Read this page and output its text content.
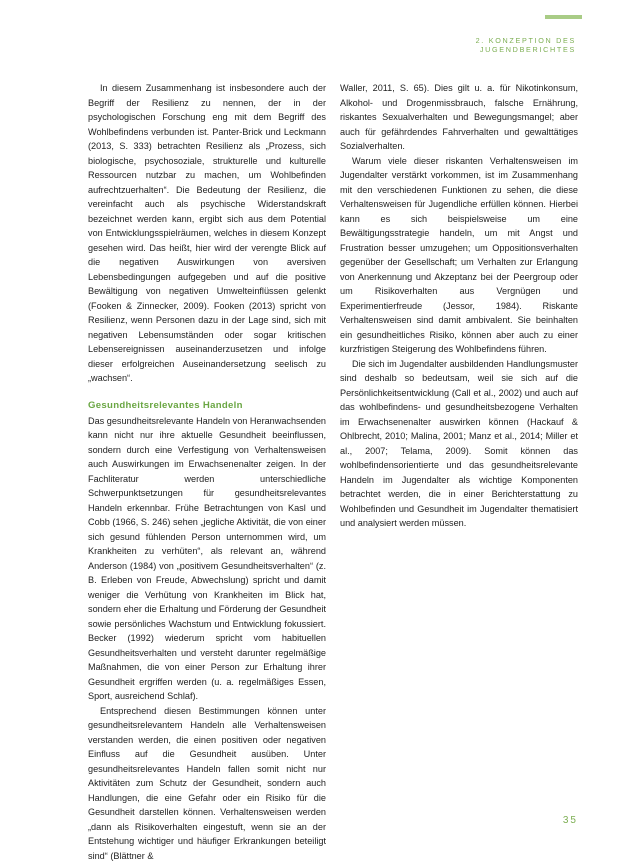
2. KONZEPTION DES JUGENDBERICHTES

In diesem Zusammenhang ist insbesondere auch der Begriff der Resilienz zu nennen, der in der psychologischen Forschung eng mit dem Begriff des Wohlbefindens verbunden ist. Panter-Brick und Leckmann (2013, S. 333) betrachten Resilienz als „Prozess, sich biologische, psychosoziale, strukturelle und kulturelle Ressourcen nutzbar zu machen, um Wohlbefinden aufrechtzuerhalten“. Die Bedeutung der Resilienz, die vereinfacht auch als psychische Widerstandskraft bezeichnet werden kann, ergibt sich aus dem Potential von Entwicklungsspielräumen, welches in diesem Konzept gesehen wird. Das heißt, hier wird der verengte Blick auf die negativen Auswirkungen von aversiven Lebensbedingungen aufgegeben und auf die positive Bewältigung von negativen Umwelteinflüssen gelenkt (Fooken & Zinnecker, 2009). Fooken (2013) spricht von Resilienz, wenn Personen dazu in der Lage sind, sich mit negativen Lebensumständen oder sogar kritischen Lebensereignissen auseinanderzusetzen und infolge dieser erfolgreichen Auseinandersetzung seelisch zu „wachsen“.

Gesundheitsrelevantes Handeln

Das gesundheitsrelevante Handeln von Heranwachsenden kann nicht nur ihre aktuelle Gesundheit beeinflussen, sondern durch eine Verfestigung von Verhaltensweisen auch Auswirkungen im Erwachsenenalter zeigen. In der Fachliteratur werden unterschiedliche Schwerpunktsetzungen für gesundheitsrelevantes Handeln erkennbar. Frühe Betrachtungen von Kasl und Cobb (1966, S. 246) sehen „jegliche Aktivität, die von einer sich gesund fühlenden Person unternommen wird, um Krankheiten zu verhüten“, als relevant an, während Anderson (1984) von „positivem Gesundheitsverhalten“ (z. B. Erleben von Freude, Abwechslung) spricht und damit weniger die Verhütung von Krankheiten im Blick hat, sondern eher die Erhaltung und Förderung der Gesundheit sowie persönliches Wachstum und Entwicklung fokussiert. Becker (1992) wiederum spricht vom habituellen Gesundheitsverhalten und versteht darunter regelmäßige Maßnahmen, die von einer Person zur Erhaltung ihrer Gesundheit ergriffen werden (u. a. regelmäßiges Essen, Sport, ausreichend Schlaf).

Entsprechend diesen Bestimmungen können unter gesundheitsrelevantem Handeln alle Verhaltensweisen verstanden werden, die einen positiven oder negativen Einfluss auf die Gesundheit ausüben. Unter gesundheitsrelevantes Handeln fallen somit nicht nur Aktivitäten zum Schutz der Gesundheit, sondern auch Handlungen, die eine Gefahr oder ein Risiko für die Gesundheit darstellen können. Verhaltensweisen werden „dann als Risikoverhalten eingestuft, wenn sie an der Entstehung wichtiger und häufiger Erkrankungen beteiligt sind“ (Blättner &

Waller, 2011, S. 65). Dies gilt u. a. für Nikotinkonsum, Alkohol- und Drogenmissbrauch, falsche Ernährung, riskantes Sexualverhalten und Bewegungsmangel; aber auch für gefährdendes Fahrverhalten und gewalttätiges Sozialverhalten.

Warum viele dieser riskanten Verhaltensweisen im Jugendalter verstärkt vorkommen, ist im Zusammenhang mit den verschiedenen Funktionen zu sehen, die diese Verhaltensweisen für Jugendliche erfüllen können. Hierbei kann es sich beispielsweise um eine Bewältigungsstrategie handeln, um mit Angst und Frustration besser umzugehen; um Oppositionsverhalten gegenüber der Gesellschaft; um Verhalten zur Erlangung von Anerkennung und Akzeptanz bei der Peergroup oder um Risikoverhalten aus Vergnügen und Experimentierfreude (Jessor, 1984). Riskante Verhaltensweisen sind damit ambivalent. Sie beinhalten ein gesundheitliches Risiko, können aber auch zu einer kurzfristigen Steigerung des Wohlbefindens führen.

Die sich im Jugendalter ausbildenden Handlungsmuster sind deshalb so bedeutsam, weil sie sich auf die Persönlichkeitsentwicklung (Call et al., 2002) und auch auf das wohlbefindens- und gesundheitsbezogene Verhalten im Erwachsenenalter auswirken können (Hackauf & Ohlbrecht, 2010; Malina, 2001; Manz et al., 2014; Miller et al., 2007; Telama, 2009). Somit können das wohlbefindensorientierte und das gesundheitsrelevante Handeln im Jugendalter als wichtige Komponenten betrachtet werden, die in einer Berichterstattung zu Wohlbefinden und Gesundheit im Jugendalter thematisiert und analysiert werden müssen.

35
